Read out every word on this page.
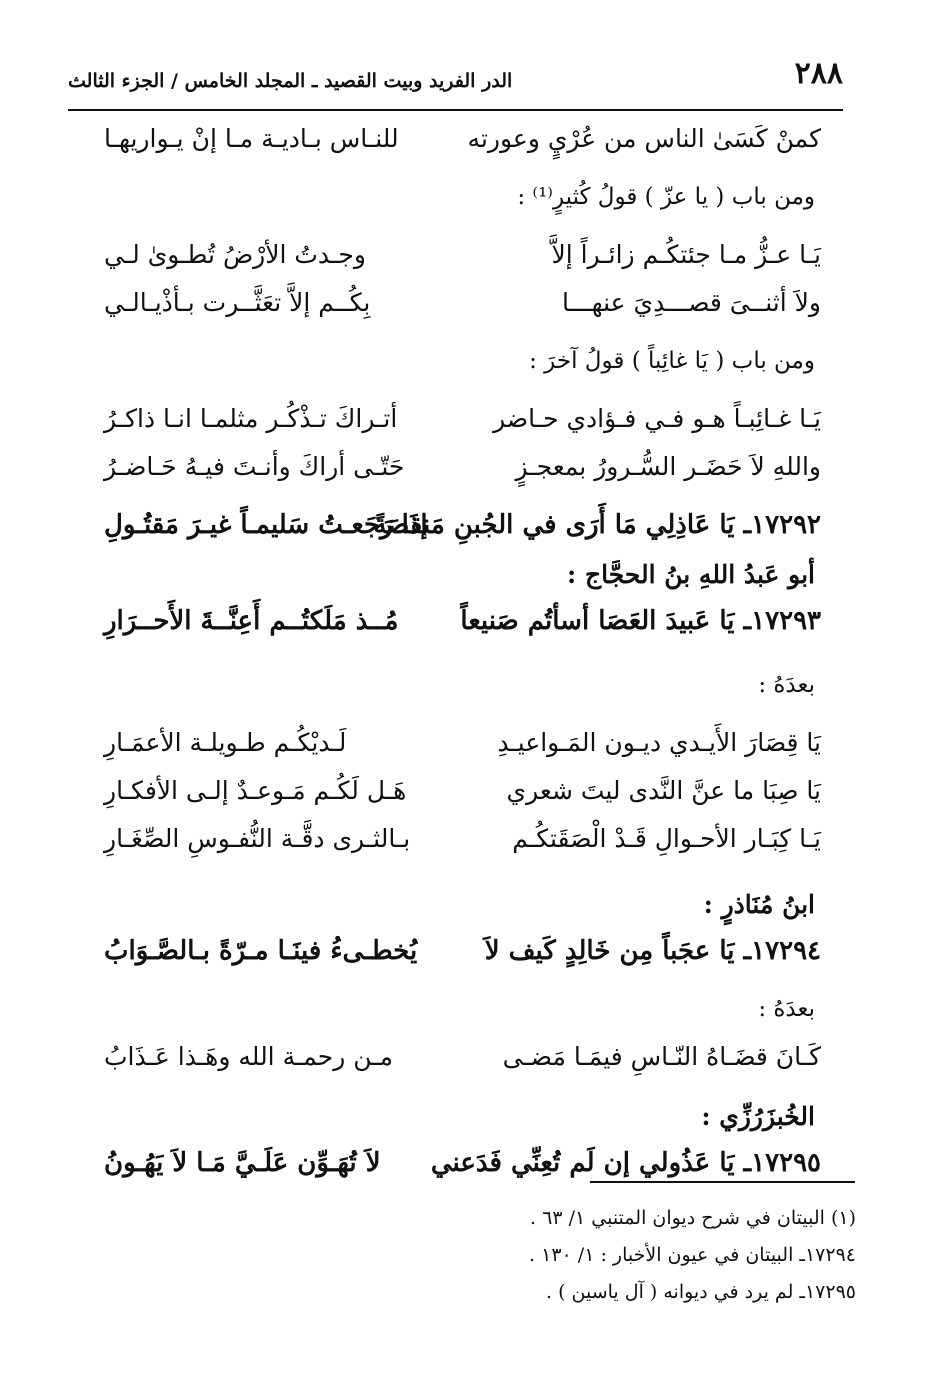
٢٨٨
الدر الفريد وبيت القصيد ـ المجلد الخامس / الجزء الثالث
كمنْ كَسَىٰ الناس من عُرْيٍ وعورته
للنـاس بـاديـة مـا إنْ يـواريهـا
ومن باب ( يا عزّ ) قولُ كُثيرٍ⁽¹⁾ :
يَـا عـزُّ مـا جئتكُـم زائـراً إلاَّ
وجـدتُ الأرْضُ تُطـوىٰ لـي
ولاَ أثنــىَ قصـــدِيَ عنهـــا
بِكُــم إلاَّ تعَثَّــرت بـأذْيـالـي
ومن باب ( يَا غائِباً ) قولُ آخرَ :
يَـا غـائِبـاً هـو فـي فـؤادي حـاضر
أتـراكَ تـذْكُـر مثلمـا انـا ذاكـرُ
واللهِ لاَ حَضَـر السُّـرورُ بمعجـزٍ
حَتّـى أراكَ وأنـتَ فيـهُ حَـاضـرُ
١٧٢٩٢ـ يَا عَاذِلِي مَا أَرَى في الجُبنِ مَنقصَةً
إذَا رَجَعـتُ سَليمـاً غيـرَ مَقتُـولِ
أبو عَبدُ اللهِ بنُ الحجَّاج :
١٧٢٩٣ـ يَا عَبيدَ العَصَا أسأتُم صَنيعاً
مُــذ مَلَكتُــم أَعِنَّــةَ الأَحــرَارِ
بعدَهُ :
يَا قِصَارَ الأَيـدي ديـون المَـواعيـدِ
لَـديْكُـم طـويلـة الأعمَـارِ
يَا صِبَا ما عنَّ النَّدى ليتَ شعري
هَـل لَكُـم مَـوعـدٌ إلـى الأفكـارِ
يَـا كِبَـار الأحـوالِ قَـدْ الْصَقَتكُـم
بـالثـرى دقَّـة النُّفـوسِ الصِّغَـارِ
ابنُ مُنَاذرٍ :
١٧٢٩٤ـ يَا عجَباً مِن خَالِدٍ كَيف لاَ
يُخطـىءُ فينَـا مـرّةً بـالصَّـوَابُ
بعدَهُ :
كَـانَ قضَـاهُ النّـاسِ فيمَـا مَضـى
مـن رحمـة الله وهَـذا عَـذَابُ
الخُبزَرُزِّي :
١٧٢٩٥ـ يَا عَذُولي إن لَم تُعِنِّي فَدَعني
لاَ تُهَـوِّن عَلَـيَّ مَـا لاَ يَهُـونُ
(١) البيتان في شرح ديوان المتنبي ١/ ٦٣ .
١٧٢٩٤ـ البيتان في عيون الأخبار : ١/ ١٣٠ .
١٧٢٩٥ـ لم يرد في ديوانه ( آل ياسين ) .
